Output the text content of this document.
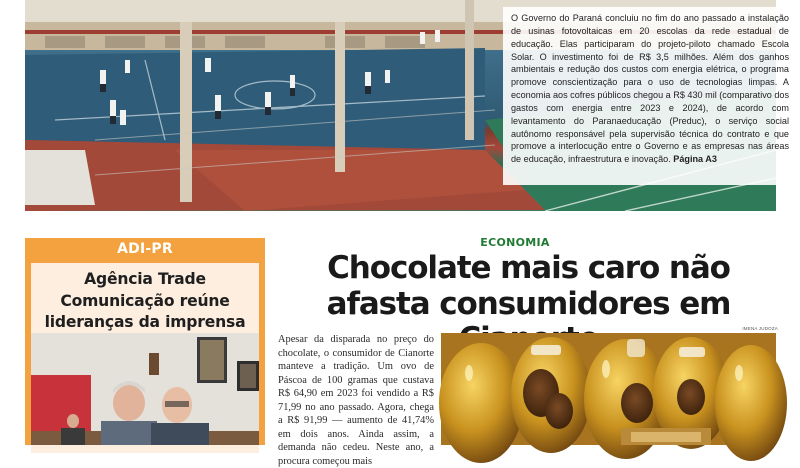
O Governo do Paraná concluiu no fim do ano passado a instalação de usinas fotovoltaicas em 20 escolas da rede estadual de educação. Elas participaram do projeto-piloto chamado Escola Solar. O investimento foi de R$ 3,5 milhões. Além dos ganhos ambientais e redução dos custos com energia elétrica, o programa promove conscientização para o uso de tecnologias limpas. A economia aos cofres públicos chegou a R$ 430 mil (comparativo dos gastos com energia entre 2023 e 2024), de acordo com levantamento do Paranaeducação (Preduc), o serviço social autônomo responsável pela supervisão técnica do contrato e que promove a interlocução entre o Governo e as empresas nas áreas de educação, infraestrutura e inovação. Página A3
ADI-PR
Agência Trade Comunicação reúne lideranças da imprensa
ECONOMIA
Chocolate mais caro não afasta consumidores em

Apesar da disparada no preço do chocolate, o consumidor de Cianorte manteve a tradição. Um ovo de Páscoa de 100 gramas que custava R$ 64,90 em 2023 foi vendido a R$ 71,99 no ano passado. Agora, chega a R$ 91,99 — aumento de 41,74% em dois anos. Ainda assim, a demanda não cedeu. Neste ano, a procura começou mais

IMENA JUDOZA
